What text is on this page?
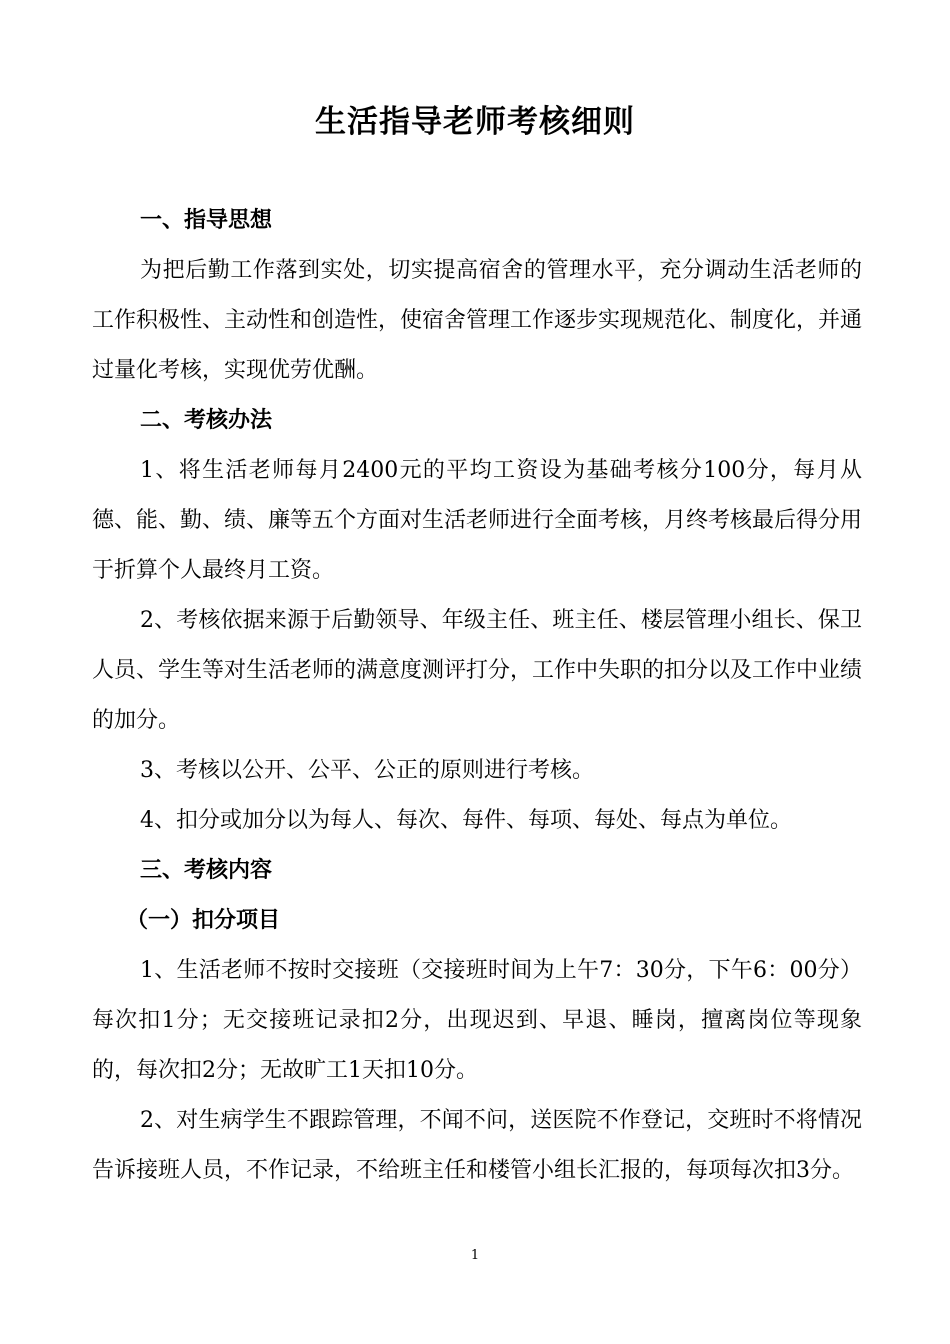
生活指导老师考核细则

一、指导思想

为把后勤工作落到实处，切实提高宿舍的管理水平，充分调动生活老师的工作积极性、主动性和创造性，使宿舍管理工作逐步实现规范化、制度化，并通过量化考核，实现优劳优酬。

二、考核办法

1、将生活老师每月2400元的平均工资设为基础考核分100分，每月从德、能、勤、绩、廉等五个方面对生活老师进行全面考核，月终考核最后得分用于折算个人最终月工资。

2、考核依据来源于后勤领导、年级主任、班主任、楼层管理小组长、保卫人员、学生等对生活老师的满意度测评打分，工作中失职的扣分以及工作中业绩的加分。

3、考核以公开、公平、公正的原则进行考核。

4、扣分或加分以为每人、每次、每件、每项、每处、每点为单位。

三、考核内容

（一）扣分项目

1、生活老师不按时交接班（交接班时间为上午7：30分，下午6：00分）每次扣1分；无交接班记录扣2分，出现迟到、早退、睡岗，擅离岗位等现象的，每次扣2分；无故旷工1天扣10分。

2、对生病学生不跟踪管理，不闻不问，送医院不作登记，交班时不将情况告诉接班人员，不作记录，不给班主任和楼管小组长汇报的，每项每次扣3分。

1
